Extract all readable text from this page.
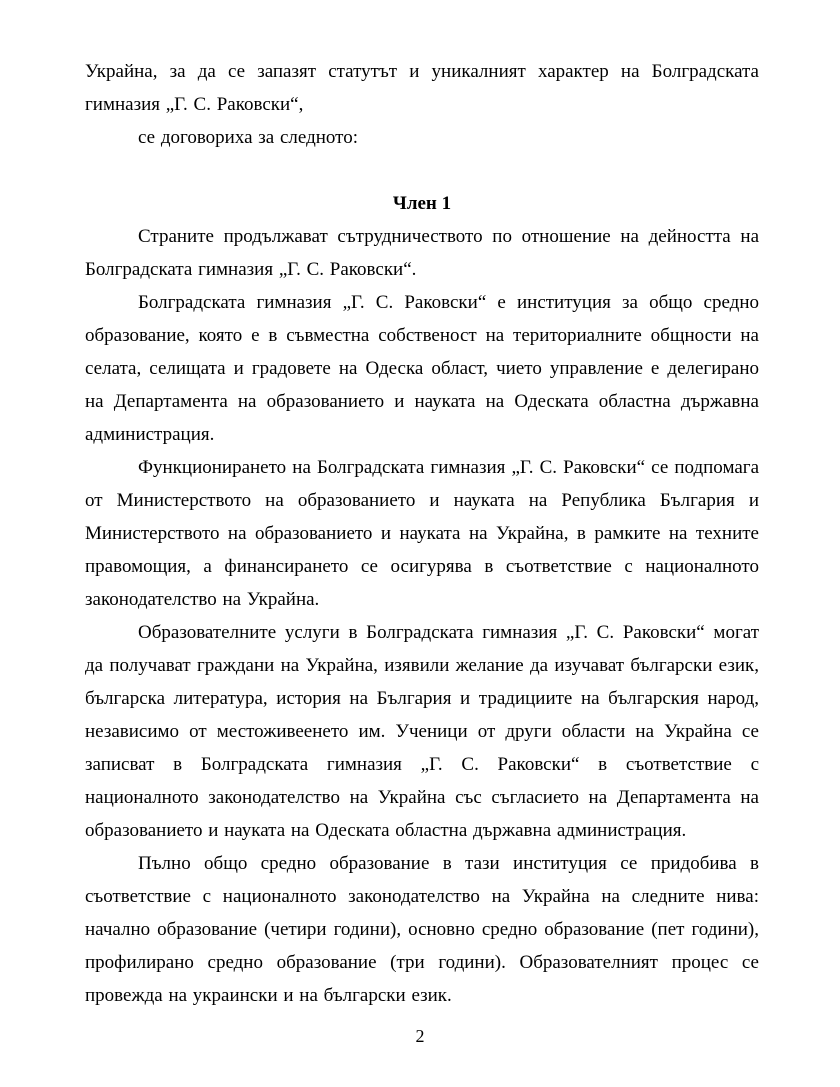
Украйна, за да се запазят статутът и уникалният характер на Болградската гимназия „Г. С. Раковски“,

се договориха за следното:

Член 1

Страните продължават сътрудничеството по отношение на дейността на Болградската гимназия „Г. С. Раковски“.

Болградската гимназия „Г. С. Раковски“ е институция за общо средно образование, която е в съвместна собственост на териториалните общности на селата, селищата и градовете на Одеска област, чието управление е делегирано на Департамента на образованието и науката на Одеската областна държавна администрация.

Функционирането на Болградската гимназия „Г. С. Раковски“ се подпомага от Министерството на образованието и науката на Република България и Министерството на образованието и науката на Украйна, в рамките на техните правомощия, а финансирането се осигурява в съответствие с националното законодателство на Украйна.

Образователните услуги в Болградската гимназия „Г. С. Раковски“ могат да получават граждани на Украйна, изявили желание да изучават български език, българска литература, история на България и традициите на българския народ, независимо от местоживеенето им. Ученици от други области на Украйна се записват в Болградската гимназия „Г. С. Раковски“ в съответствие с националното законодателство на Украйна със съгласието на Департамента на образованието и науката на Одеската областна държавна администрация.

Пълно общо средно образование в тази институция се придобива в съответствие с националното законодателство на Украйна на следните нива: начално образование (четири години), основно средно образование (пет години), профилирано средно образование (три години). Образователният процес се провежда на украински и на български език.

2
